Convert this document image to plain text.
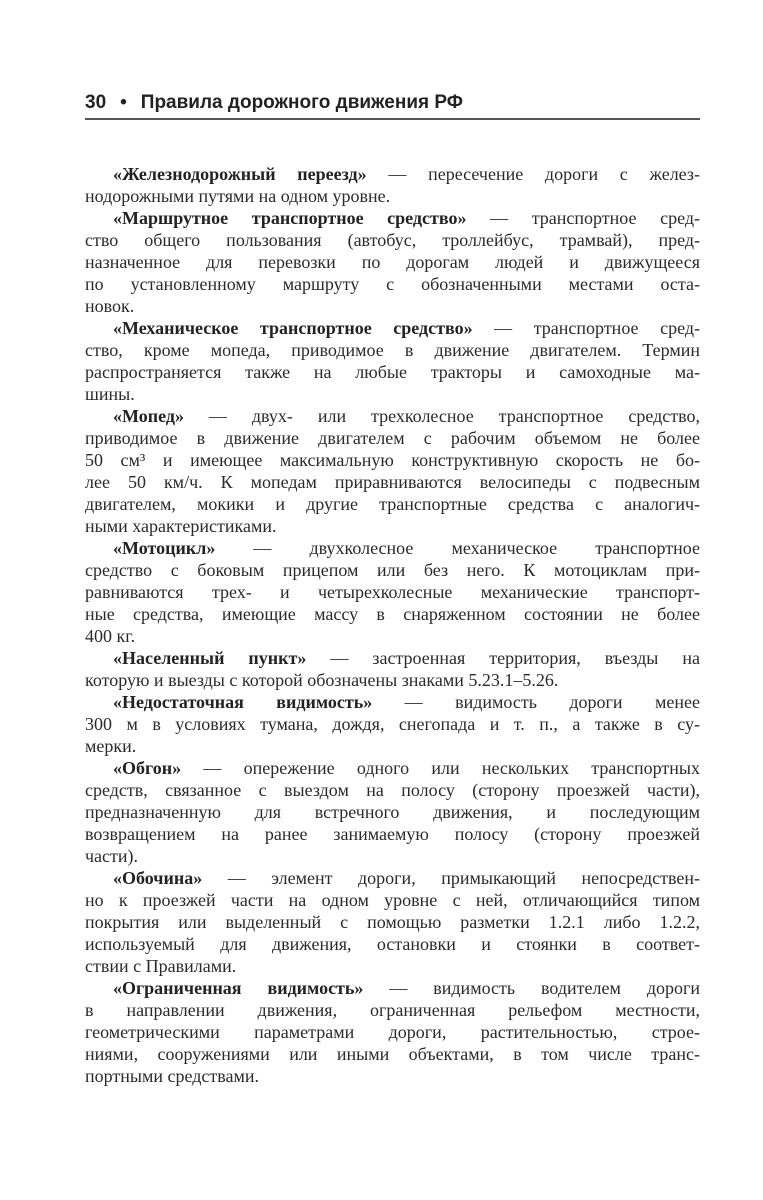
30 • Правила дорожного движения РФ
«Железнодорожный переезд» — пересечение дороги с желез-
нодорожными путями на одном уровне.
«Маршрутное транспортное средство» — транспортное сред-
ство общего пользования (автобус, троллейбус, трамвай), пред-
назначенное для перевозки по дорогам людей и движущееся
по установленному маршруту с обозначенными местами оста-
новок.
«Механическое транспортное средство» — транспортное сред-
ство, кроме мопеда, приводимое в движение двигателем. Термин
распространяется также на любые тракторы и самоходные ма-
шины.
«Мопед» — двух- или трехколесное транспортное средство,
приводимое в движение двигателем с рабочим объемом не более
50 см³ и имеющее максимальную конструктивную скорость не бо-
лее 50 км/ч. К мопедам приравниваются велосипеды с подвесным
двигателем, мокики и другие транспортные средства с аналогич-
ными характеристиками.
«Мотоцикл» — двухколесное механическое транспортное
средство с боковым прицепом или без него. К мотоциклам при-
равниваются трех- и четырехколесные механические транспорт-
ные средства, имеющие массу в снаряженном состоянии не более
400 кг.
«Населенный пункт» — застроенная территория, въезды на
которую и выезды с которой обозначены знаками 5.23.1–5.26.
«Недостаточная видимость» — видимость дороги менее
300 м в условиях тумана, дождя, снегопада и т. п., а также в су-
мерки.
«Обгон» — опережение одного или нескольких транспортных
средств, связанное с выездом на полосу (сторону проезжей части),
предназначенную для встречного движения, и последующим
возвращением на ранее занимаемую полосу (сторону проезжей
части).
«Обочина» — элемент дороги, примыкающий непосредствен-
но к проезжей части на одном уровне с ней, отличающийся типом
покрытия или выделенный с помощью разметки 1.2.1 либо 1.2.2,
используемый для движения, остановки и стоянки в соответ-
ствии с Правилами.
«Ограниченная видимость» — видимость водителем дороги
в направлении движения, ограниченная рельефом местности,
геометрическими параметрами дороги, растительностью, строе-
ниями, сооружениями или иными объектами, в том числе транс-
портными средствами.
